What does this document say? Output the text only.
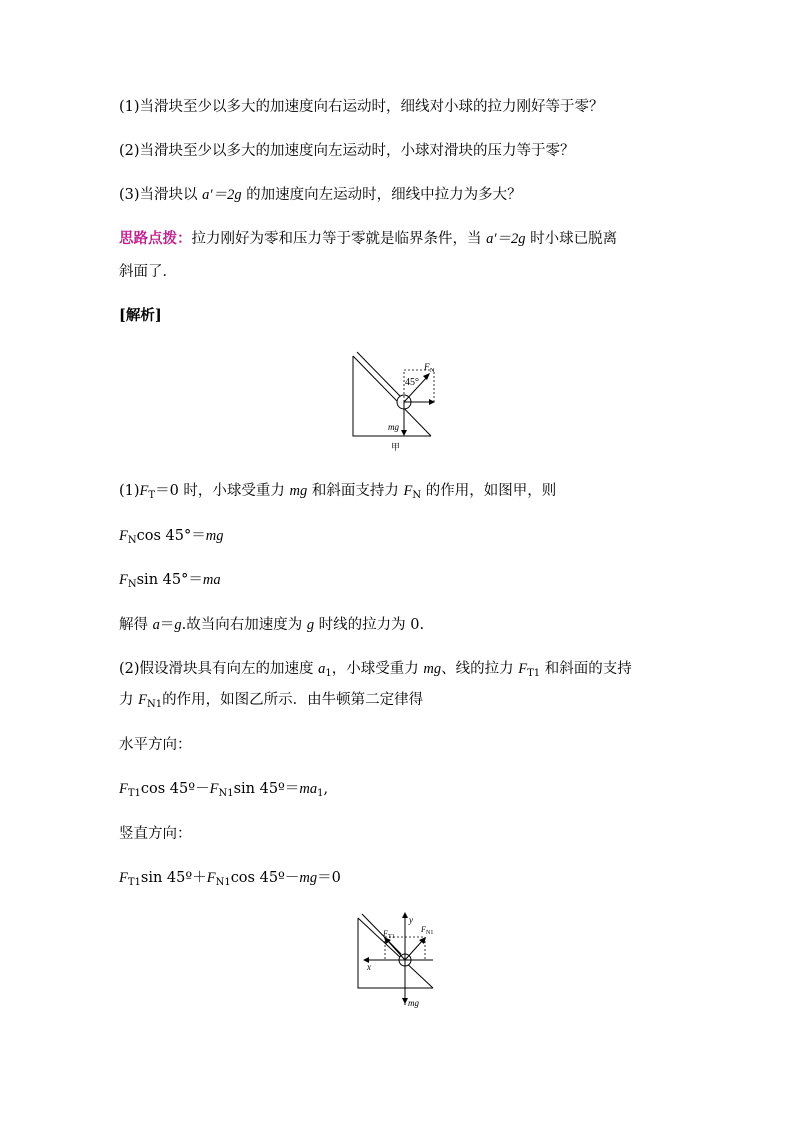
(1)当滑块至少以多大的加速度向右运动时，细线对小球的拉力刚好等于零？
(2)当滑块至少以多大的加速度向左运动时，小球对滑块的压力等于零？
(3)当滑块以 a′＝2g 的加速度向左运动时，细线中拉力为多大？
思路点拨：拉力刚好为零和压力等于零就是临界条件，当 a′＝2g 时小球已脱离
斜面了．
[解析]
45°
F N
mg
甲
$(1)F_T=0$ 时，小球受重力 mg 和斜面支持力 $F_N$ 的作用，如图甲，则
$F_N\cos$ 45°＝mg
$F_N\sin$ 45°＝ma
解得 a＝g.故当向右加速度为 g 时线的拉力为 0.
(2)假设滑块具有向左的加速度 $a_1$，小球受重力 mg、线的拉力 $F_{T1}$ 和斜面的支持
力 $F_{N1}$的作用，如图乙所示．由牛顿第二定律得
水平方向：
$F_{T1}\cos$ $45º-F_{N1}\sin$ $45º=ma_1$,
竖直方向：
$F_{T1}\sin$ $45º+F_{N1}\cos$ 45º－mg＝0
y
x
F T1
F N1
mg
